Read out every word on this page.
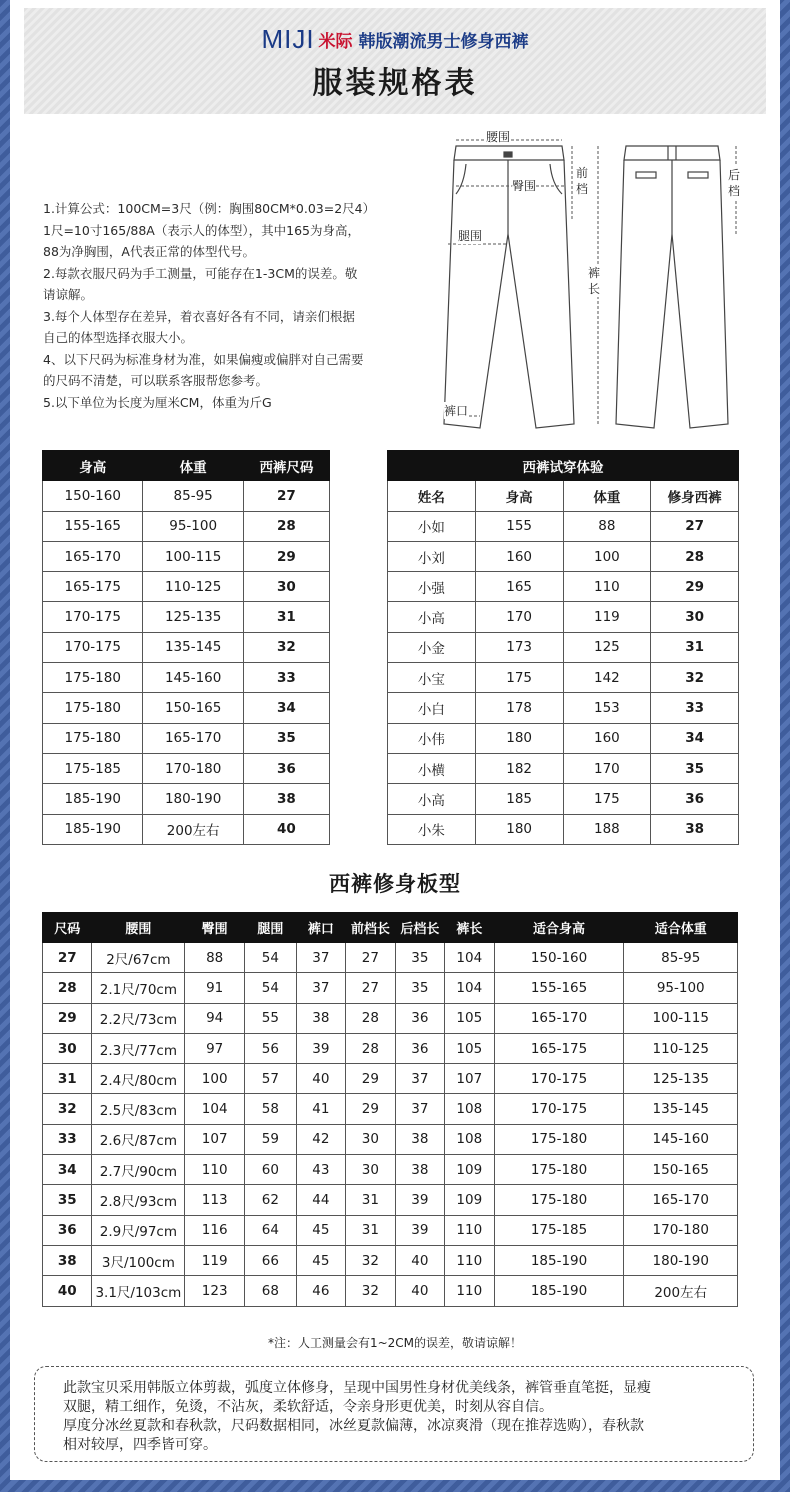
MIJI 米际 韩版潮流男士修身西裤
服装规格表

1.计算公式：100CM=3尺（例：胸围80CM*0.03=2尺4）

1尺=10寸165/88A（表示人的体型），其中165为身高，

88为净胸围，A代表正常的体型代号。

2.每款衣服尺码为手工测量，可能存在1-3CM的误差。敬

请谅解。

3.每个人体型存在差异，着衣喜好各有不同，请亲们根据

自己的体型选择衣服大小。

4、以下尺码为标准身材为准，如果偏瘦或偏胖对自己需要

的尺码不清楚，可以联系客服帮您参考。

5.以下单位为长度为厘米CM，体重为斤G

腰围
臀围
腿围
裤口
前
档
后
档
裤
长
身高	体重	西裤尺码
150-160	85-95	27
155-165	95-100	28
165-170	100-115	29
165-175	110-125	30
170-175	125-135	31
170-175	135-145	32
175-180	145-160	33
175-180	150-165	34
175-180	165-170	35
175-185	170-180	36
185-190	180-190	38
185-190	200左右	40
西裤试穿体验			
姓名	身高	体重	修身西裤
小如	155	88	27
小刘	160	100	28
小强	165	110	29
小高	170	119	30
小金	173	125	31
小宝	175	142	32
小白	178	153	33
小伟	180	160	34
小横	182	170	35
小高	185	175	36
小朱	180	188	38
西裤修身板型
尺码	腰围	臀围	腿围	裤口	前档长	后档长	裤长	适合身高	适合体重
27	2尺/67cm	88	54	37	27	35	104	150-160	85-95
28	2.1尺/70cm	91	54	37	27	35	104	155-165	95-100
29	2.2尺/73cm	94	55	38	28	36	105	165-170	100-115
30	2.3尺/77cm	97	56	39	28	36	105	165-175	110-125
31	2.4尺/80cm	100	57	40	29	37	107	170-175	125-135
32	2.5尺/83cm	104	58	41	29	37	108	170-175	135-145
33	2.6尺/87cm	107	59	42	30	38	108	175-180	145-160
34	2.7尺/90cm	110	60	43	30	38	109	175-180	150-165
35	2.8尺/93cm	113	62	44	31	39	109	175-180	165-170
36	2.9尺/97cm	116	64	45	31	39	110	175-185	170-180
38	3尺/100cm	119	66	45	32	40	110	185-190	180-190
40	3.1尺/103cm	123	68	46	32	40	110	185-190	200左右
*注：人工测量会有1~2CM的误差，敬请谅解！

此款宝贝采用韩版立体剪裁，弧度立体修身，呈现中国男性身材优美线条，裤管垂直笔挺，显瘦

双腿，精工细作，免烫，不沾灰，柔软舒适，令亲身形更优美，时刻从容自信。

厚度分冰丝夏款和春秋款，尺码数据相同，冰丝夏款偏薄，冰凉爽滑（现在推荐选购），春秋款

相对较厚，四季皆可穿。
